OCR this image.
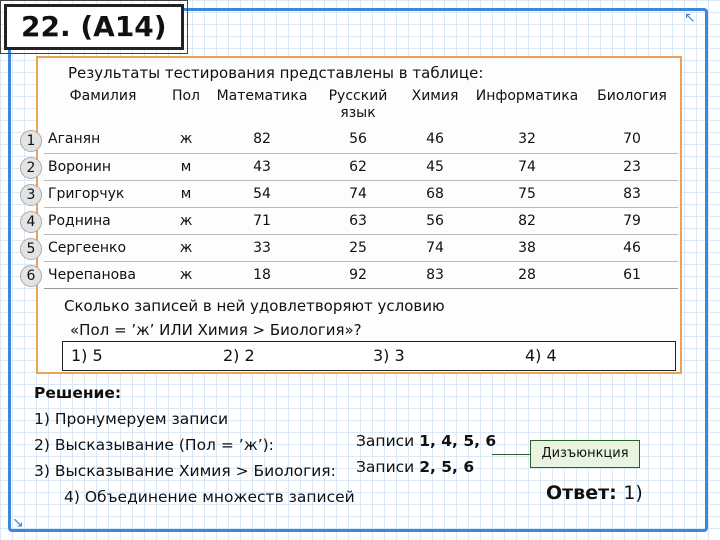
↖
↘
22. (А14)
Результаты тестирования представлены в таблице:
Фамилия	Пол	Математика	Русский язык	Химия	Информатика	Биология
Аганян	ж	82	56	46	32	70
Воронин	м	43	62	45	74	23
Григорчук	м	54	74	68	75	83
Роднина	ж	71	63	56	82	79
Сергеенко	ж	33	25	74	38	46
Черепанова	ж	18	92	83	28	61
1
2
3
4
5
6
Сколько записей в ней удовлетворяют условию
«Пол = ’ж’ ИЛИ Химия > Биология»?
1) 5	2) 2	3) 3	4) 4
Решение:
1) Пронумеруем записи
2) Высказывание (Пол = ’ж’):
3) Высказывание Химия > Биология:
4) Объединение множеств записей
Записи 1, 4, 5, 6
Записи 2, 5, 6
Дизъюнкция
Ответ: 1)
